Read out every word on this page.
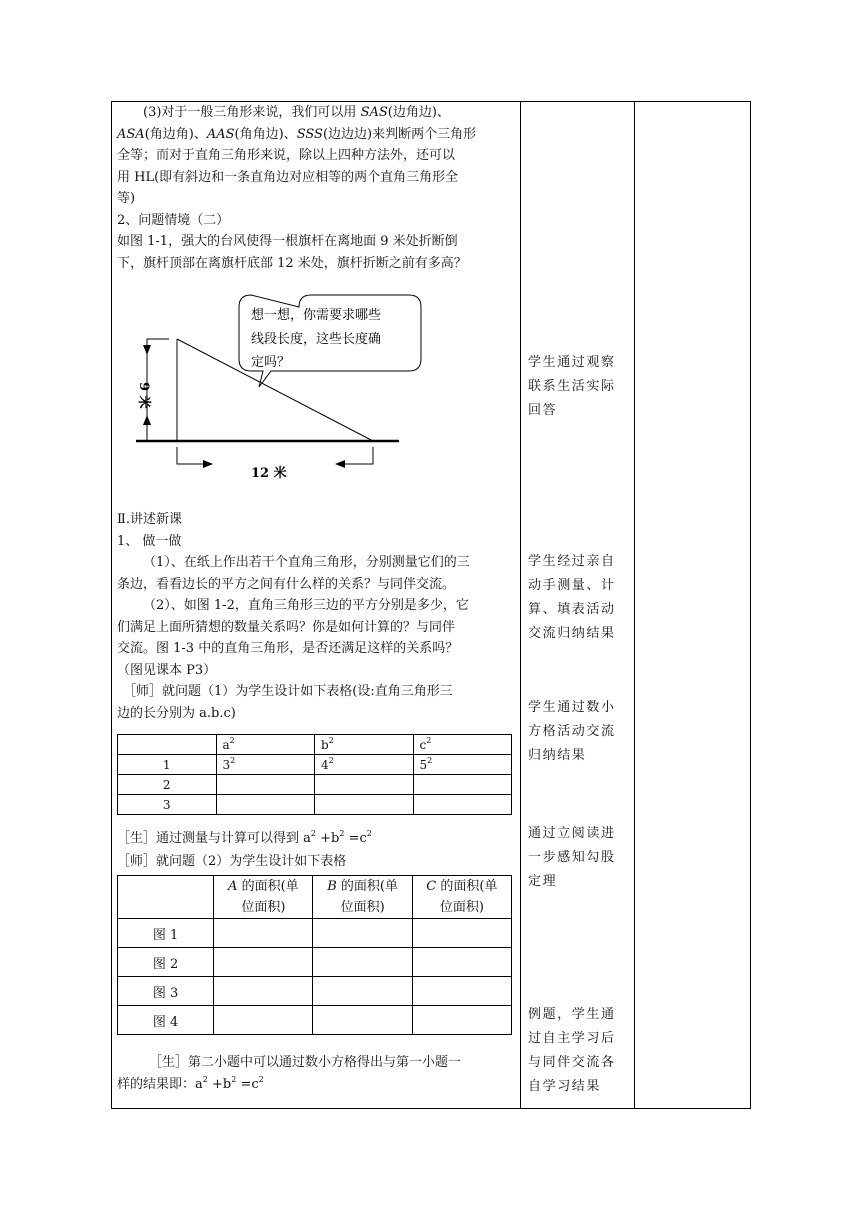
(3)对于一般三角形来说，我们可以用 SAS(边角边)、
ASA(角边角)、AAS(角角边)、SSS(边边边)来判断两个三角形
全等；而对于直角三角形来说，除以上四种方法外，还可以
用 HL(即有斜边和一条直角边对应相等的两个直角三角形全
等)
2、问题情境（二）
如图 1-1，强大的台风使得一根旗杆在离地面 9 米处折断倒
下，旗杆顶部在离旗杆底部 12 米处，旗杆折断之前有多高？
想一想，你需要求哪些
线段长度，这些长度确
定吗？
9 米
12 米
Ⅱ.讲述新课
1、 做一做
（1）、在纸上作出若干个直角三角形，分别测量它们的三
条边，看看边长的平方之间有什么样的关系？与同伴交流。
（2）、如图 1-2，直角三角形三边的平方分别是多少，它
们满足上面所猜想的数量关系吗？你是如何计算的？与同伴
交流。图 1-3 中的直角三角形，是否还满足这样的关系吗？
（图见课本 P3）
［师］就问题（1）为学生设计如下表格(设:直角三角形三
边的长分别为 a.b.c)
	$a^2$	$b^2$	$c^2$
1	$3^2$	$4^2$	$5^2$
2			
3			
［生］通过测量与计算可以得到 $a^2 +b^2 =c^2$
［师］就问题（2）为学生设计如下表格
	A 的面积(单
位面积)	B 的面积(单
位面积)	C 的面积(单
位面积)
图 1			
图 2			
图 3			
图 4			
［生］第二小题中可以通过数小方格得出与第一小题一
样的结果即：$a^2 +b^2 =c^2$
学生通过观察
联系生活实际
回答
学生经过亲自
动手测量、计
算、填表活动
交流归纳结果
学生通过数小
方格活动交流
归纳结果
通过立阅读进
一步感知勾股
定理
例题，学生通
过自主学习后
与同伴交流各
自学习结果
